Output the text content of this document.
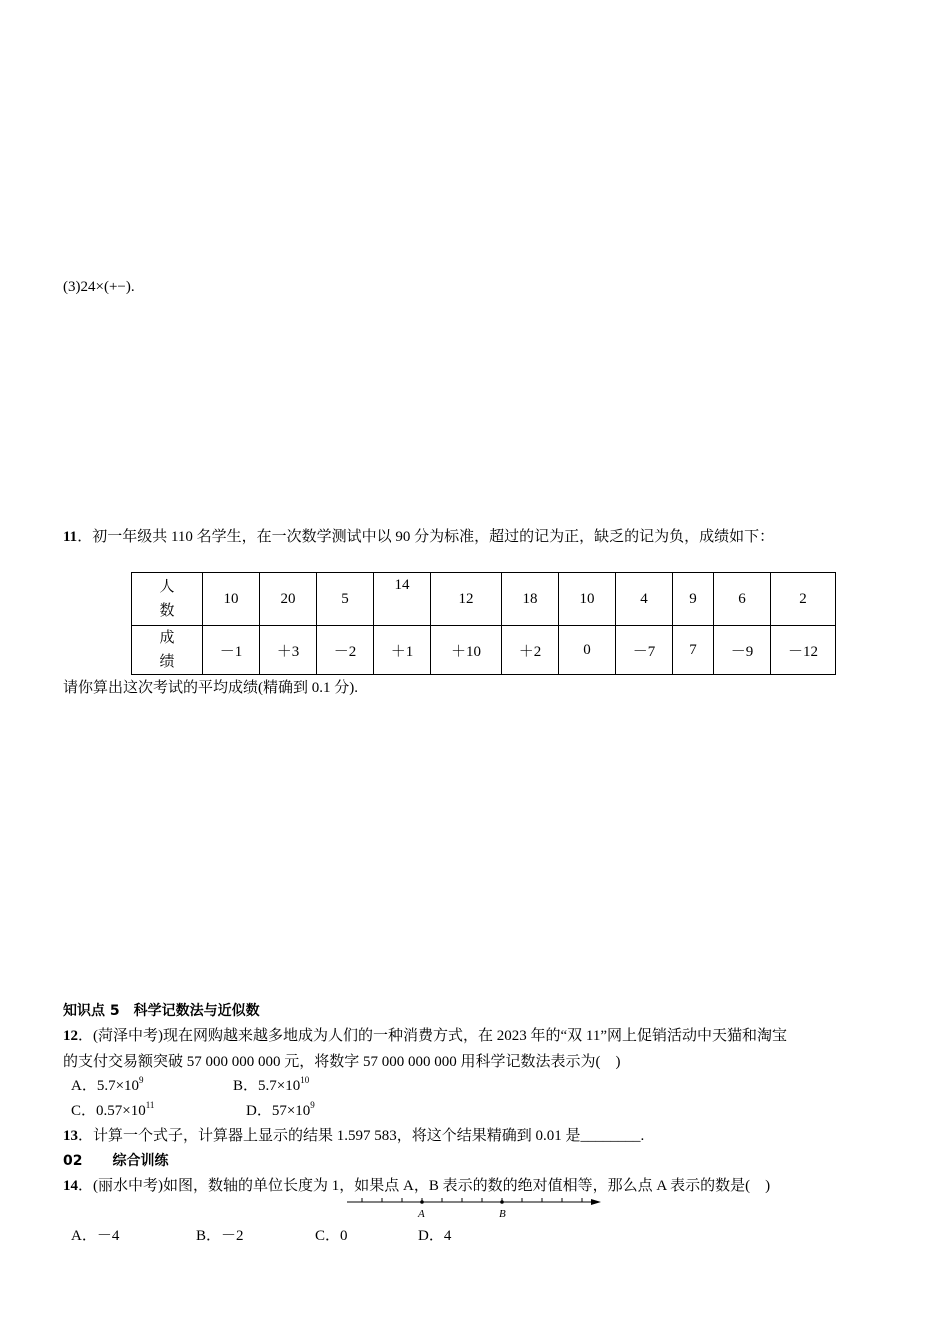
(3)24×(+−).
11．初一年级共 110 名学生，在一次数学测试中以 90 分为标准，超过的记为正，缺乏的记为负，成绩如下：
人
数	10	20	5	14	12	18	10	4	9	6	2
成
绩	－1	＋3	－2	＋1	＋10	＋2	0	－7	7	－9	－12
请你算出这次考试的平均成绩(精确到 0.1 分).
知识点 5　科学记数法与近似数
12．(菏泽中考)现在网购越来越多地成为人们的一种消费方式，在 2023 年的“双 11”网上促销活动中天猫和淘宝
的支付交易额突破 57 000 000 000 元，将数字 57 000 000 000 用科学记数法表示为(　)
A．$5.7\times 10^9$	B．$5.7\times 10^{10}$
C．$0.57\times 10^{11}$	D．$57\times 10^9$
13．计算一个式子，计算器上显示的结果 1.597 583，将这个结果精确到 0.01 是________.
02 综合训练
14．(丽水中考)如图，数轴的单位长度为 1，如果点 A，B 表示的数的绝对值相等，那么点 A 表示的数是(　)
A	B
A．－4	B．－2	C．0	D．4
